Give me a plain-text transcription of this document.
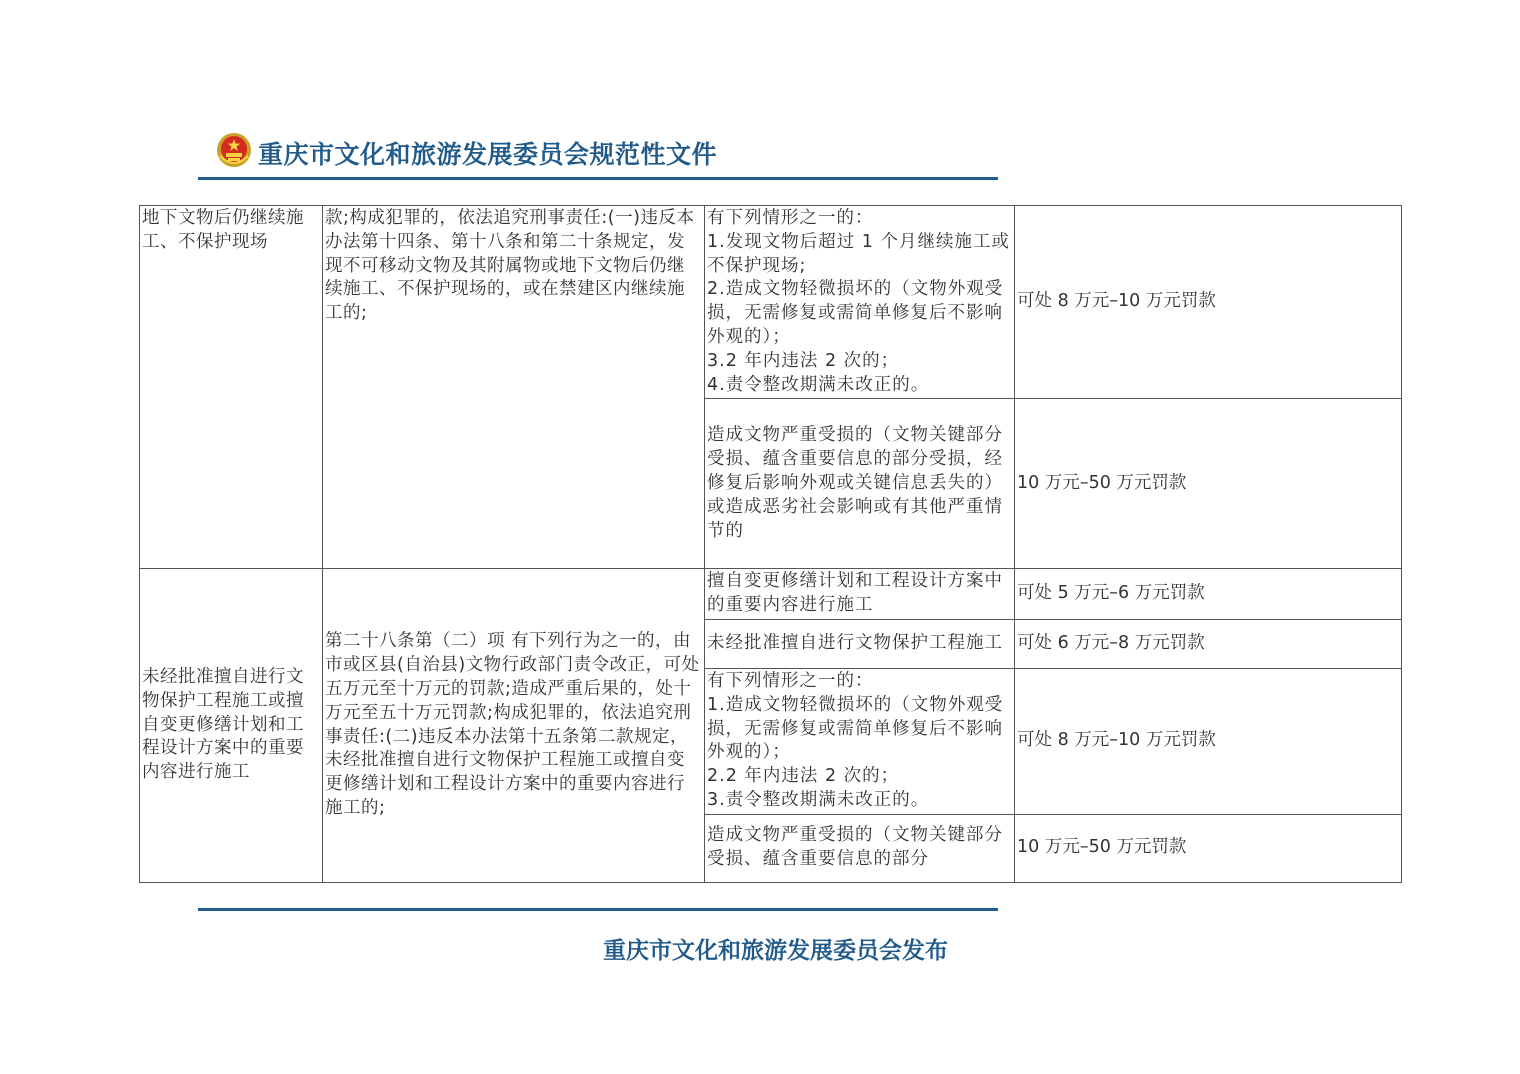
重庆市文化和旅游发展委员会规范性文件
地下文物后仍继续施工、不保护现场	款;构成犯罪的，依法追究刑事责任:(一)违反本办法第十四条、第十八条和第二十条规定，发现不可移动文物及其附属物或地下文物后仍继续施工、不保护现场的，或在禁建区内继续施工的;	有下列情形之一的：
1.发现文物后超过 1 个月继续施工或不保护现场;
2.造成文物轻微损坏的（文物外观受损，无需修复或需简单修复后不影响外观的）；
3.2 年内违法 2 次的；
4.责令整改期满未改正的。	可处 8 万元–10 万元罚款
		造成文物严重受损的（文物关键部分受损、蕴含重要信息的部分受损，经修复后影响外观或关键信息丢失的）或造成恶劣社会影响或有其他严重情节的	10 万元–50 万元罚款
未经批准擅自进行文物保护工程施工或擅自变更修缮计划和工程设计方案中的重要内容进行施工	第二十八条第（二）项 有下列行为之一的，由市或区县(自治县)文物行政部门责令改正，可处五万元至十万元的罚款;造成严重后果的，处十万元至五十万元罚款;构成犯罪的，依法追究刑事责任:(二)违反本办法第十五条第二款规定，未经批准擅自进行文物保护工程施工或擅自变更修缮计划和工程设计方案中的重要内容进行施工的;	擅自变更修缮计划和工程设计方案中的重要内容进行施工	可处 5 万元–6 万元罚款
		未经批准擅自进行文物保护工程施工	可处 6 万元–8 万元罚款
		有下列情形之一的：
1.造成文物轻微损坏的（文物外观受损，无需修复或需简单修复后不影响外观的）；
2.2 年内违法 2 次的；
3.责令整改期满未改正的。	可处 8 万元–10 万元罚款
		造成文物严重受损的（文物关键部分受损、蕴含重要信息的部分	10 万元–50 万元罚款
重庆市文化和旅游发展委员会发布
